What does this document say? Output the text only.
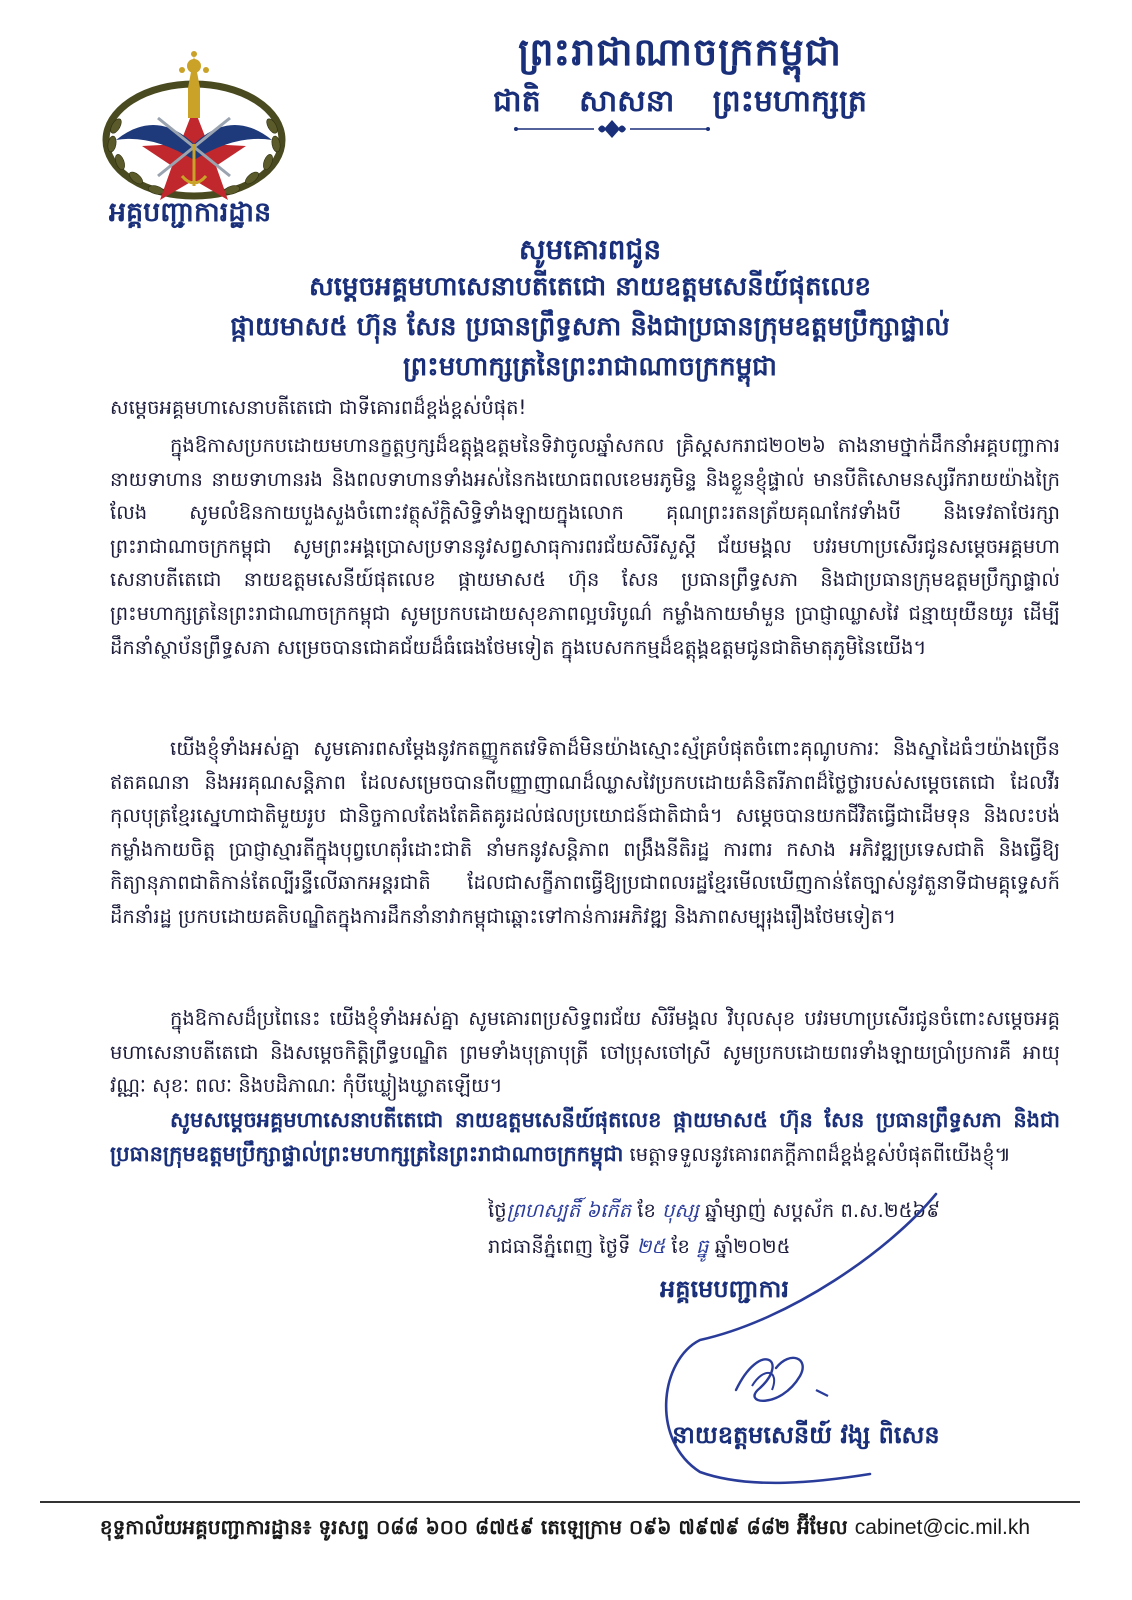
អគ្គបញ្ជាការដ្ឋាន
ព្រះរាជាណាចក្រកម្ពុជា
ជាតិ សាសនា ព្រះមហាក្សត្រ
សូមគោរពជូន
សម្តេចអគ្គមហាសេនាបតីតេជោ នាយឧត្តមសេនីយ៍ផុតលេខ
ផ្កាយមាស៥ ហ៊ុន សែន ប្រធានព្រឹទ្ធសភា និងជាប្រធានក្រុមឧត្តមប្រឹក្សាផ្ទាល់
ព្រះមហាក្សត្រនៃព្រះរាជាណាចក្រកម្ពុជា
សម្តេចអគ្គមហាសេនាបតីតេជោ ជាទីគោរពដ៏ខ្ពង់ខ្ពស់បំផុត!
ក្នុងឱកាសប្រកបដោយមហានក្ខត្តឫក្សដ៏ឧត្តុង្គឧត្តមនៃទិវាចូលឆ្នាំសកល គ្រិស្តសករាជ២០២៦ តាងនាមថ្នាក់ដឹកនាំអគ្គបញ្ជាការ នាយទាហាន នាយទាហានរង និងពលទាហានទាំងអស់នៃកងយោធពលខេមរភូមិន្ទ និងខ្លួនខ្ញុំផ្ទាល់ មានបីតិសោមនស្សរីករាយយ៉ាងក្រៃលែង សូមលំឱនកាយបួងសួងចំពោះវត្ថុស័ក្តិសិទ្ធិទាំងឡាយក្នុងលោក គុណព្រះរតនត្រ័យគុណកែវទាំងបី និងទេវតាថែរក្សាព្រះរាជាណាចក្រកម្ពុជា សូមព្រះអង្គប្រោសប្រទាននូវសព្វសាធុការពរជ័យសិរីសួស្តី ជ័យមង្គល បវរមហាប្រសើរជូនសម្តេចអគ្គមហាសេនាបតីតេជោ នាយឧត្តមសេនីយ៍ផុតលេខ ផ្កាយមាស៥ ហ៊ុន សែន ប្រធានព្រឹទ្ធសភា និងជាប្រធានក្រុមឧត្តមប្រឹក្សាផ្ទាល់ព្រះមហាក្សត្រនៃព្រះរាជាណាចក្រកម្ពុជា សូមប្រកបដោយសុខភាពល្អបរិបូណ៌ កម្លាំងកាយមាំមួន ប្រាជ្ញាឈ្លាសវៃ ជន្មាយុយឺនយូរ ដើម្បីដឹកនាំស្ថាប័នព្រឹទ្ធសភា សម្រេចបានជោគជ័យដ៏ធំធេងថែមទៀត ក្នុងបេសកកម្មដ៏ឧត្តុង្គឧត្តមជូនជាតិមាតុភូមិនៃយើង។
យើងខ្ញុំទាំងអស់គ្នា សូមគោរពសម្តែងនូវកតញ្ញូកតវេទិតាដ៏មិនយ៉ាងស្មោះស្ម័គ្របំផុតចំពោះគុណូបការៈ និងស្នាដៃធំៗយ៉ាងច្រើនឥតគណនា និងអរគុណសន្តិភាព ដែលសម្រេចបានពីបញ្ញាញាណដ៏ឈ្លាសវៃប្រកបដោយគំនិតរីភាពដ៏ថ្លៃថ្លារបស់សម្តេចតេជោ ដែលវីរកុលបុត្រខ្មែរស្នេហាជាតិមួយរូប ជានិច្ចកាលតែងតែគិតគូរដល់ផលប្រយោជន៍ជាតិជាធំ។ សម្តេចបានយកជីវិតធ្វើជាដើមទុន និងលះបង់កម្លាំងកាយចិត្ត ប្រាជ្ញាស្មារតីក្នុងបុព្វហេតុរំដោះជាតិ នាំមកនូវសន្តិភាព ពង្រឹងនីតិរដ្ឋ ការពារ កសាង អភិវឌ្ឍប្រទេសជាតិ និងធ្វើឱ្យកិត្យានុភាពជាតិកាន់តែល្បីរន្ទឺលើឆាកអន្តរជាតិ ដែលជាសក្ខីភាពធ្វើឱ្យប្រជាពលរដ្ឋខ្មែរមើលឃើញកាន់តែច្បាស់នូវតួនាទីជាមគ្គុទ្ទេសក៍ដឹកនាំរដ្ឋ ប្រកបដោយគតិបណ្ឌិតក្នុងការដឹកនាំនាវាកម្ពុជាឆ្ពោះទៅកាន់ការអភិវឌ្ឍ និងភាពសម្បុរុងរឿងថែមទៀត។
ក្នុងឱកាសដ៏ប្រពៃនេះ យើងខ្ញុំទាំងអស់គ្នា សូមគោរពប្រសិទ្ធពរជ័យ សិរីមង្គល វិបុលសុខ បវរមហាប្រសើរជូនចំពោះសម្តេចអគ្គមហាសេនាបតីតេជោ និងសម្តេចកិត្តិព្រឹទ្ធបណ្ឌិត ព្រមទាំងបុត្រាបុត្រី ចៅប្រុសចៅស្រី សូមប្រកបដោយពរទាំងឡាយប្រាំប្រការគឺ អាយុ វណ្ណៈ សុខៈ ពលៈ និងបដិភាណៈ កុំបីឃ្លៀងឃ្លាតឡើយ។
សូមសម្តេចអគ្គមហាសេនាបតីតេជោ នាយឧត្តមសេនីយ៍ផុតលេខ ផ្កាយមាស៥ ហ៊ុន សែន ប្រធានព្រឹទ្ធសភា និងជាប្រធានក្រុមឧត្តមប្រឹក្សាផ្ទាល់ព្រះមហាក្សត្រនៃព្រះរាជាណាចក្រកម្ពុជា មេត្តាទទួលនូវគោរពភក្តីភាពដ៏ខ្ពង់ខ្ពស់បំផុតពីយើងខ្ញុំ៕
ថ្ងៃព្រហស្បតិ៍ ៦កើត ខែ បុស្ស ឆ្នាំម្សាញ់ សប្តស័ក ព.ស.២៥៦៩
រាជធានីភ្នំពេញ ថ្ងៃទី ២៥ ខែ ធ្នូ ឆ្នាំ២០២៥
អគ្គមេបញ្ជាការ
នាយឧត្តមសេនីយ៍ វង្ស ពិសេន
ខុទ្ទកាល័យអគ្គបញ្ជាការដ្ឋាន៖ ទូរសព្ទ ០៨៨ ៦០០ ៨៧៥៩ តេឡេក្រាម ០៩៦ ៧៩៧៩ ៨៨២ អ៊ីមែល cabinet@cic.mil.kh
